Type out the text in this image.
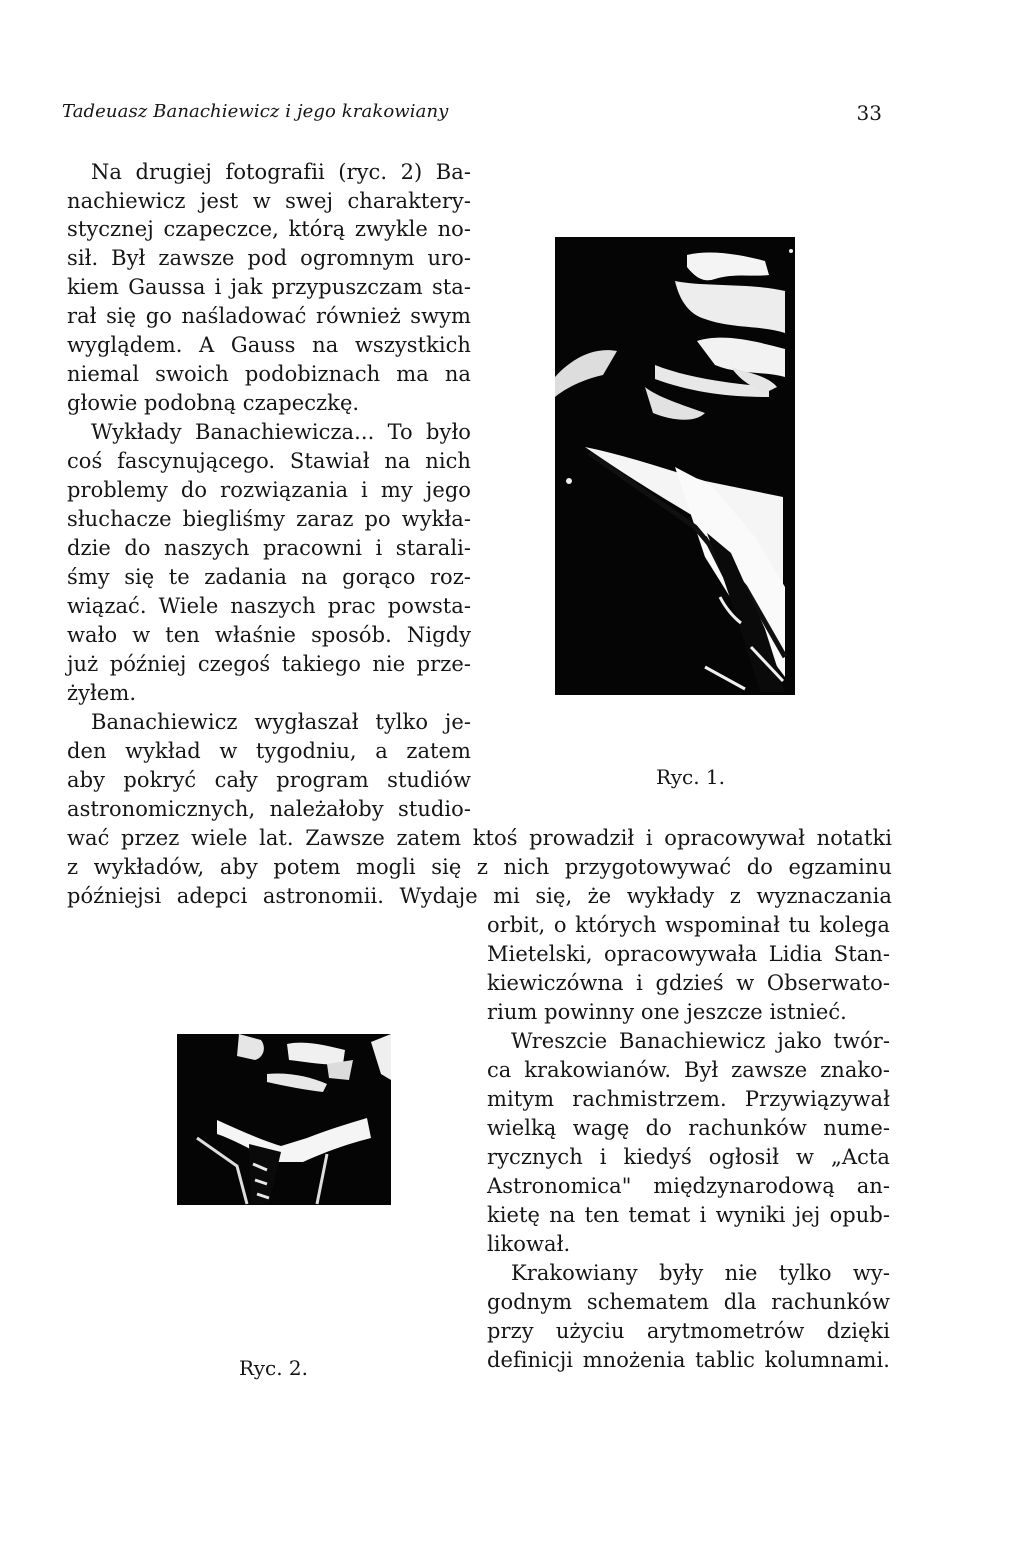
Tadeuasz Banachiewicz i jego krakowiany	33
Na drugiej fotografii (ryc. 2) Ba-
nachiewicz jest w swej charaktery-
stycznej czapeczce, którą zwykle no-
sił. Był zawsze pod ogromnym uro-
kiem Gaussa i jak przypuszczam sta-
rał się go naśladować również swym
wyglądem. A Gauss na wszystkich
niemal swoich podobiznach ma na
głowie podobną czapeczkę.
Wykłady Banachiewicza... To było
coś fascynującego. Stawiał na nich
problemy do rozwiązania i my jego
słuchacze biegliśmy zaraz po wykła-
dzie do naszych pracowni i starali-
śmy się te zadania na gorąco roz-
wiązać. Wiele naszych prac powsta-
wało w ten właśnie sposób. Nigdy
już później czegoś takiego nie prze-
żyłem.
Banachiewicz wygłaszał tylko je-
den wykład w tygodniu, a zatem
aby pokryć cały program studiów
astronomicznych, należałoby studio-
wać przez wiele lat. Zawsze zatem ktoś prowadził i opracowywał notatki
z wykładów, aby potem mogli się z nich przygotowywać do egzaminu
późniejsi adepci astronomii. Wydaje mi się, że wykłady z wyznaczania
orbit, o których wspominał tu kolega
Mietelski, opracowywała Lidia Stan-
kiewiczówna i gdzieś w Obserwato-
rium powinny one jeszcze istnieć.
Wreszcie Banachiewicz jako twór-
ca krakowianów. Był zawsze znako-
mitym rachmistrzem. Przywiązywał
wielką wagę do rachunków nume-
rycznych i kiedyś ogłosił w „Acta
Astronomica" międzynarodową an-
kietę na ten temat i wyniki jej opub-
likował.
Krakowiany były nie tylko wy-
godnym schematem dla rachunków
przy użyciu arytmometrów dzięki
definicji mnożenia tablic kolumnami.
Ryc. 1.
Ryc. 2.
